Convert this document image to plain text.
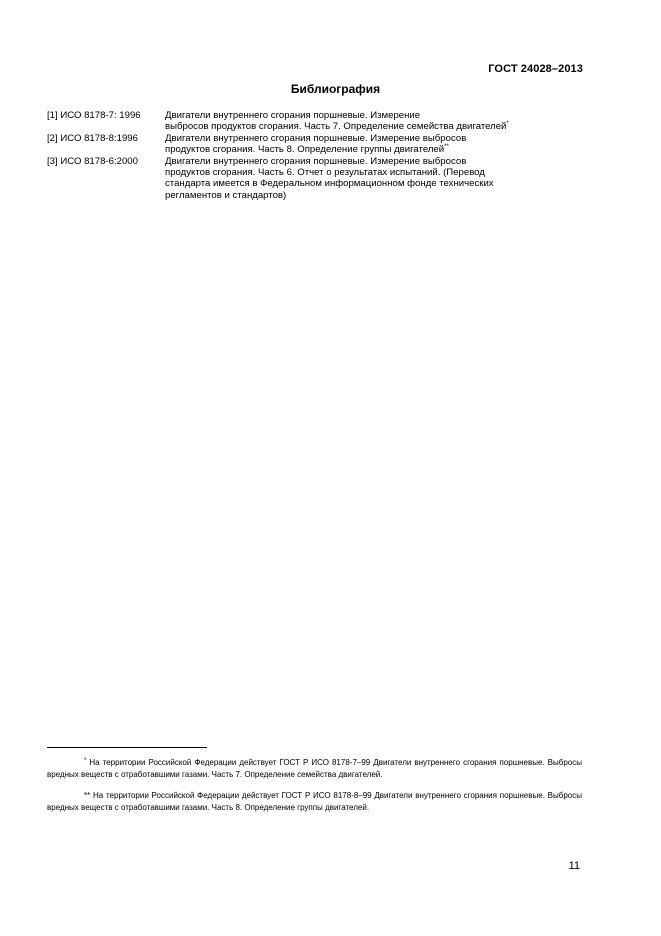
ГОСТ 24028–2013
Библиография
[1] ИСО 8178-7: 1996	Двигатели внутреннего сгорания поршневые. Измерение
выбросов продуктов сгорания. Часть 7. Определение семейства двигателей*
[2] ИСО 8178-8:1996	Двигатели внутреннего сгорания поршневые. Измерение выбросов
продуктов сгорания. Часть 8. Определение группы двигателей**
[3] ИСО 8178-6:2000	Двигатели внутреннего сгорания поршневые. Измерение выбросов
продуктов сгорания. Часть 6. Отчет о результатах испытаний. (Перевод
стандарта имеется в Федеральном информационном фонде технических
регламентов и стандартов)
* На территории Российской Федерации действует ГОСТ Р ИСО 8178-7–99 Двигатели внутреннего сгорания поршневые. Выбросы вредных веществ с отработавшими газами. Часть 7. Определение семейства двигателей.
** На территории Российской Федерации действует ГОСТ Р ИСО 8178-8–99 Двигатели внутреннего сгорания поршневые. Выбросы вредных веществ с отработавшими газами. Часть 8. Определение группы двигателей.
11
